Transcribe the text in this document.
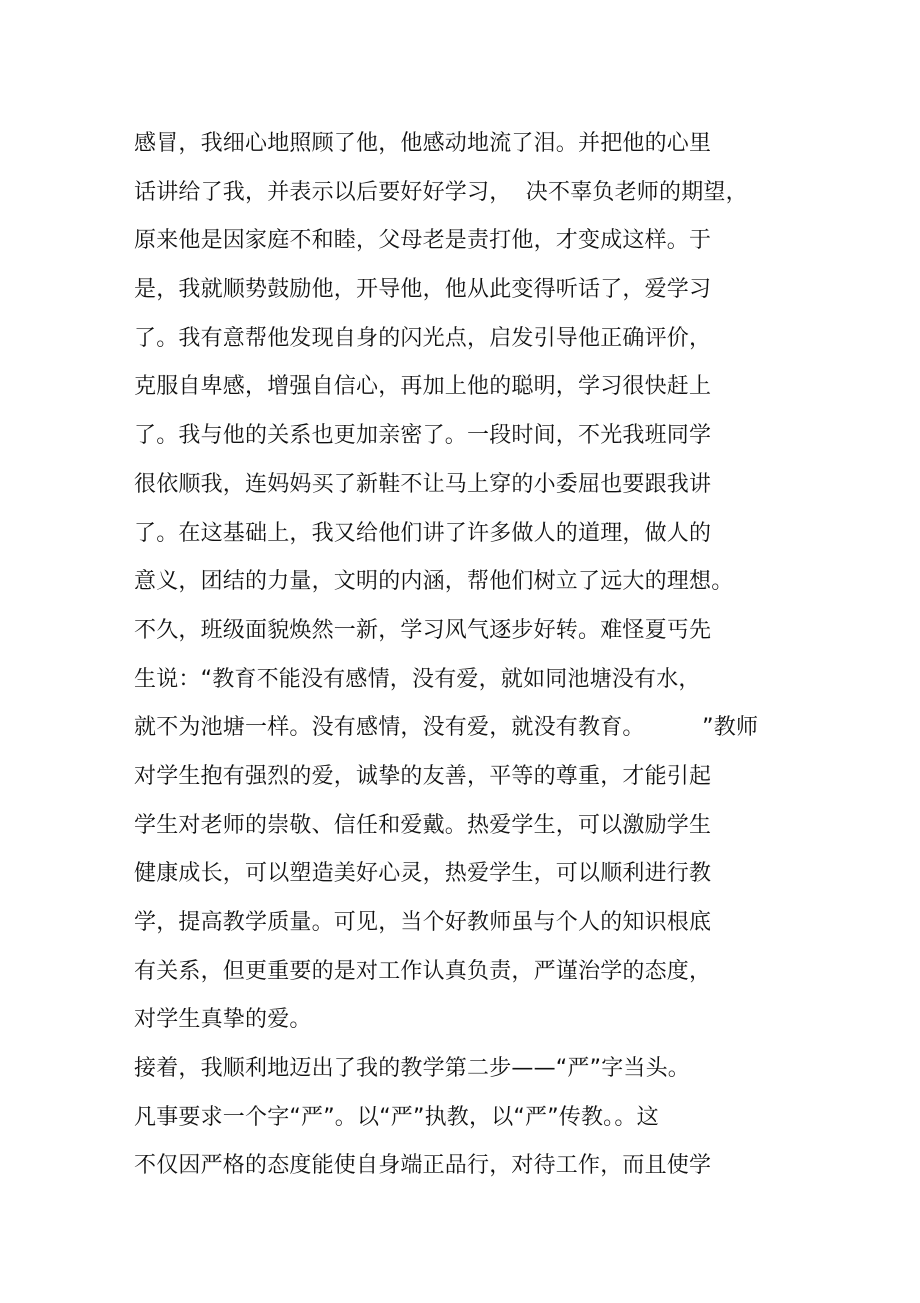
感冒，我细心地照顾了他，他感动地流了泪。并把他的心里
话讲给了我，并表示以后要好好学习，  决不辜负老师的期望，
原来他是因家庭不和睦，父母老是责打他，才变成这样。于
是，我就顺势鼓励他，开导他，他从此变得听话了，爱学习
了。我有意帮他发现自身的闪光点，启发引导他正确评价，
克服自卑感，增强自信心，再加上他的聪明，学习很快赶上
了。我与他的关系也更加亲密了。一段时间，不光我班同学
很依顺我，连妈妈买了新鞋不让马上穿的小委屈也要跟我讲
了。在这基础上，我又给他们讲了许多做人的道理，做人的
意义，团结的力量，文明的内涵，帮他们树立了远大的理想。
不久，班级面貌焕然一新，学习风气逐步好转。难怪夏丐先
生说：“教育不能没有感情，没有爱，就如同池塘没有水，
就不为池塘一样。没有感情，没有爱，就没有教育。        ”教师
对学生抱有强烈的爱，诚挚的友善，平等的尊重，才能引起
学生对老师的崇敬、信任和爱戴。热爱学生，可以激励学生
健康成长，可以塑造美好心灵，热爱学生，可以顺利进行教
学，提高教学质量。可见，当个好教师虽与个人的知识根底
有关系，但更重要的是对工作认真负责，严谨治学的态度，
对学生真挚的爱。
接着，我顺利地迈出了我的教学第二步——“严”字当头。
凡事要求一个字“严”。以“严”执教，以“严”传教。。这
不仅因严格的态度能使自身端正品行，对待工作，而且使学
